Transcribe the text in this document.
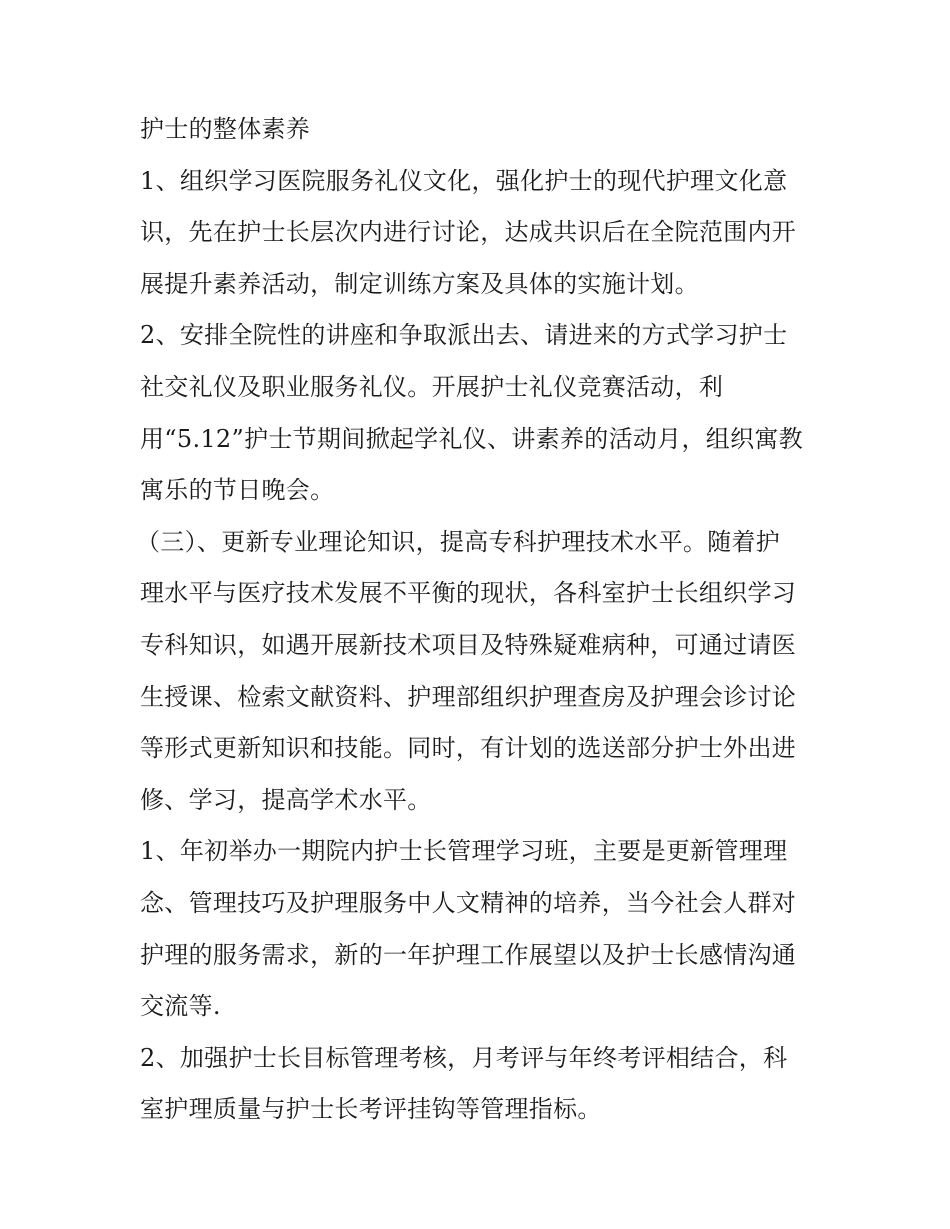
护士的整体素养
1、组织学习医院服务礼仪文化，强化护士的现代护理文化意
识，先在护士长层次内进行讨论，达成共识后在全院范围内开
展提升素养活动，制定训练方案及具体的实施计划。
2、安排全院性的讲座和争取派出去、请进来的方式学习护士
社交礼仪及职业服务礼仪。开展护士礼仪竞赛活动，利
用“5.12”护士节期间掀起学礼仪、讲素养的活动月，组织寓教
寓乐的节日晚会。
（三）、更新专业理论知识，提高专科护理技术水平。随着护
理水平与医疗技术发展不平衡的现状，各科室护士长组织学习
专科知识，如遇开展新技术项目及特殊疑难病种，可通过请医
生授课、检索文献资料、护理部组织护理查房及护理会诊讨论
等形式更新知识和技能。同时，有计划的选送部分护士外出进
修、学习，提高学术水平。
1、年初举办一期院内护士长管理学习班，主要是更新管理理
念、管理技巧及护理服务中人文精神的培养，当今社会人群对
护理的服务需求，新的一年护理工作展望以及护士长感情沟通
交流等.
2、加强护士长目标管理考核，月考评与年终考评相结合，科
室护理质量与护士长考评挂钩等管理指标。
